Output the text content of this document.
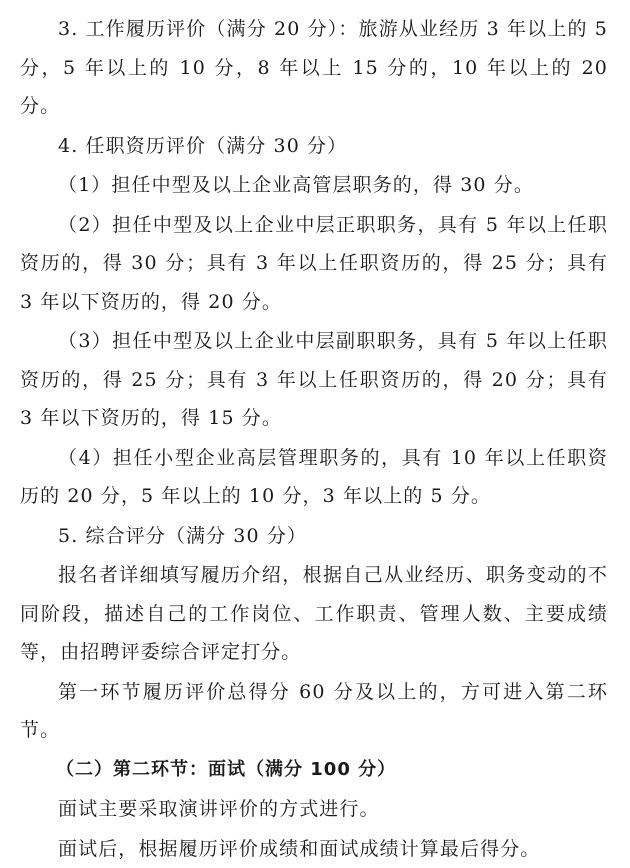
3. 工作履历评价（满分 20 分）：旅游从业经历 3 年以上的 5 分，5 年以上的 10 分，8 年以上 15 分的，10 年以上的 20 分。

4. 任职资历评价（满分 30 分）

（1）担任中型及以上企业高管层职务的，得 30 分。

（2）担任中型及以上企业中层正职职务，具有 5 年以上任职资历的，得 30 分；具有 3 年以上任职资历的，得 25 分；具有 3 年以下资历的，得 20 分。

（3）担任中型及以上企业中层副职职务，具有 5 年以上任职资历的，得 25 分；具有 3 年以上任职资历的，得 20 分；具有 3 年以下资历的，得 15 分。

（4）担任小型企业高层管理职务的，具有 10 年以上任职资历的 20 分，5 年以上的 10 分，3 年以上的 5 分。

5. 综合评分（满分 30 分）

报名者详细填写履历介绍，根据自己从业经历、职务变动的不同阶段，描述自己的工作岗位、工作职责、管理人数、主要成绩等，由招聘评委综合评定打分。

第一环节履历评价总得分 60 分及以上的，方可进入第二环节。

（二）第二环节：面试（满分 100 分）

面试主要采取演讲评价的方式进行。

面试后，根据履历评价成绩和面试成绩计算最后得分。
